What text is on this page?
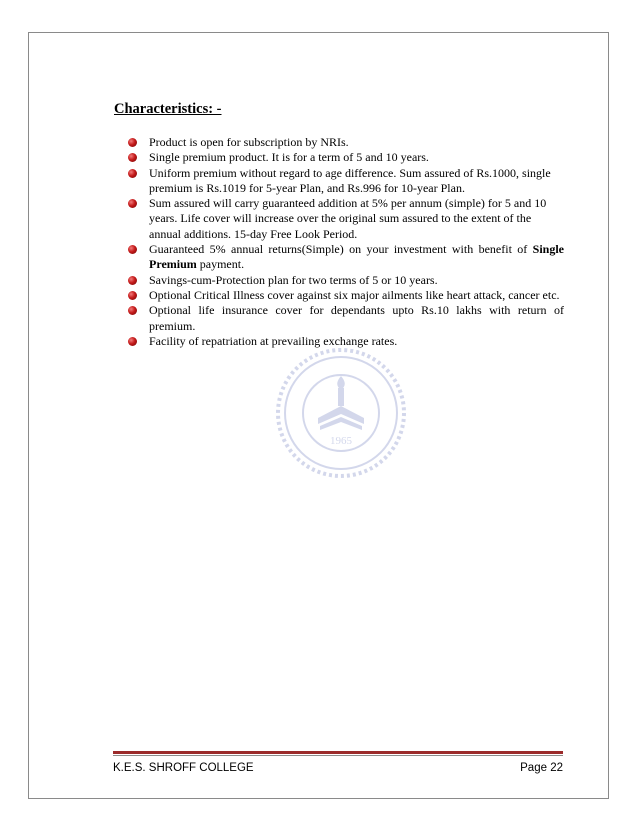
1965
Characteristics: -
Product is open for subscription by NRIs.
Single premium product. It is for a term of 5 and 10 years.
Uniform premium without regard to age difference. Sum assured of Rs.1000, single premium is Rs.1019 for 5-year Plan, and Rs.996 for 10-year Plan.
Sum assured will carry guaranteed addition at 5% per annum (simple) for 5 and 10 years. Life cover will increase over the original sum assured to the extent of the annual additions. 15-day Free Look Period.
Guaranteed 5% annual returns(Simple) on your investment with benefit of Single Premium payment.
Savings-cum-Protection plan for two terms of 5 or 10 years.
Optional Critical Illness cover against six major ailments like heart attack, cancer etc.
Optional life insurance cover for dependants upto Rs.10 lakhs with return of premium.
Facility of repatriation at prevailing exchange rates.
K.E.S. SHROFF COLLEGE	Page 22
